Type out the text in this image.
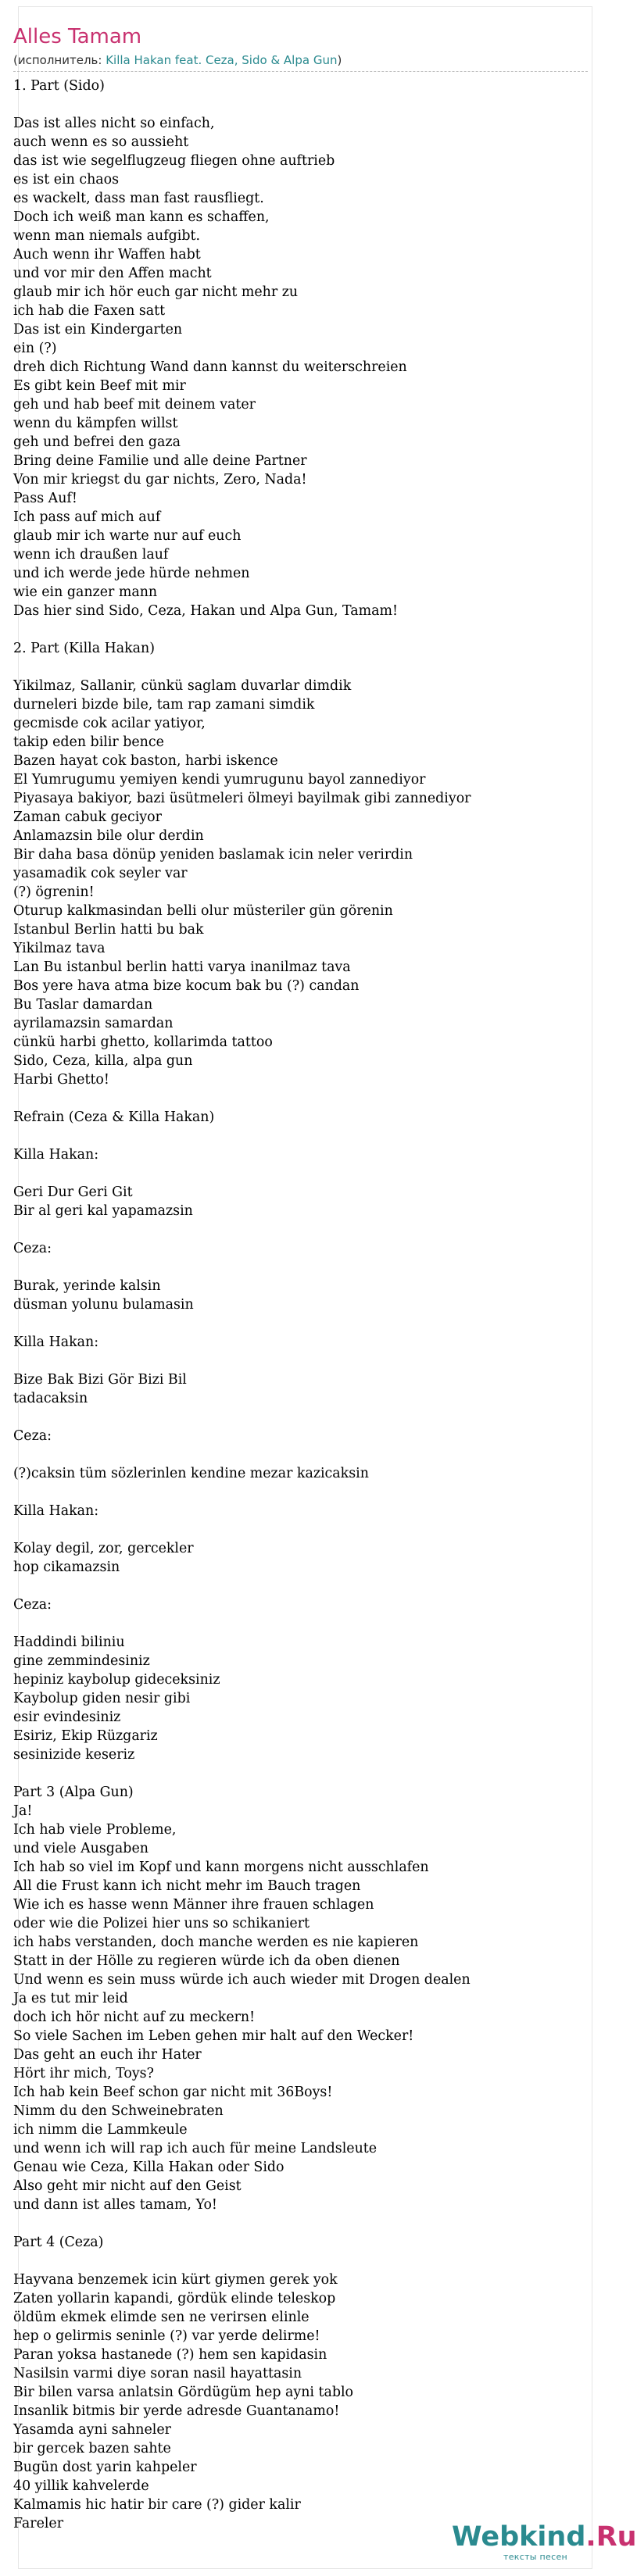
Alles Tamam
(исполнитель: Killa Hakan feat. Ceza, Sido & Alpa Gun)
1. Part (Sido)

Das ist alles nicht so einfach,
auch wenn es so aussieht
das ist wie segelflugzeug fliegen ohne auftrieb
es ist ein chaos
es wackelt, dass man fast rausfliegt.
Doch ich weiß man kann es schaffen,
wenn man niemals aufgibt.
Auch wenn ihr Waffen habt
und vor mir den Affen macht
glaub mir ich hör euch gar nicht mehr zu
ich hab die Faxen satt
Das ist ein Kindergarten
ein (?)
dreh dich Richtung Wand dann kannst du weiterschreien
Es gibt kein Beef mit mir
geh und hab beef mit deinem vater
wenn du kämpfen willst
geh und befrei den gaza
Bring deine Familie und alle deine Partner
Von mir kriegst du gar nichts, Zero, Nada!
Pass Auf!
Ich pass auf mich auf
glaub mir ich warte nur auf euch
wenn ich draußen lauf
und ich werde jede hürde nehmen
wie ein ganzer mann
Das hier sind Sido, Ceza, Hakan und Alpa Gun, Tamam!

2. Part (Killa Hakan)

Yikilmaz, Sallanir, cünkü saglam duvarlar dimdik
durneleri bizde bile, tam rap zamani simdik
gecmisde cok acilar yatiyor,
takip eden bilir bence
Bazen hayat cok baston, harbi iskence
El Yumrugumu yemiyen kendi yumrugunu bayol zannediyor
Piyasaya bakiyor, bazi üsütmeleri ölmeyi bayilmak gibi zannediyor
Zaman cabuk geciyor
Anlamazsin bile olur derdin
Bir daha basa dönüp yeniden baslamak icin neler verirdin
yasamadik cok seyler var
(?) ögrenin!
Oturup kalkmasindan belli olur müsteriler gün görenin
Istanbul Berlin hatti bu bak
Yikilmaz tava
Lan Bu istanbul berlin hatti varya inanilmaz tava
Bos yere hava atma bize kocum bak bu (?) candan
Bu Taslar damardan
ayrilamazsin samardan
cünkü harbi ghetto, kollarimda tattoo
Sido, Ceza, killa, alpa gun
Harbi Ghetto!

Refrain (Ceza & Killa Hakan)

Killa Hakan:

Geri Dur Geri Git
Bir al geri kal yapamazsin

Ceza:

Burak, yerinde kalsin
düsman yolunu bulamasin

Killa Hakan:

Bize Bak Bizi Gör Bizi Bil
tadacaksin

Ceza:

(?)caksin tüm sözlerinlen kendine mezar kazicaksin

Killa Hakan:

Kolay degil, zor, gercekler
hop cikamazsin

Ceza:

Haddindi biliniu
gine zemmindesiniz
hepiniz kaybolup gideceksiniz
Kaybolup giden nesir gibi
esir evindesiniz
Esiriz, Ekip Rüzgariz
sesinizide keseriz

Part 3 (Alpa Gun)
Ja!
Ich hab viele Probleme,
und viele Ausgaben
Ich hab so viel im Kopf und kann morgens nicht ausschlafen
All die Frust kann ich nicht mehr im Bauch tragen
Wie ich es hasse wenn Männer ihre frauen schlagen
oder wie die Polizei hier uns so schikaniert
ich habs verstanden, doch manche werden es nie kapieren
Statt in der Hölle zu regieren würde ich da oben dienen
Und wenn es sein muss würde ich auch wieder mit Drogen dealen
Ja es tut mir leid
doch ich hör nicht auf zu meckern!
So viele Sachen im Leben gehen mir halt auf den Wecker!
Das geht an euch ihr Hater
Hört ihr mich, Toys?
Ich hab kein Beef schon gar nicht mit 36Boys!
Nimm du den Schweinebraten
ich nimm die Lammkeule
und wenn ich will rap ich auch für meine Landsleute
Genau wie Ceza, Killa Hakan oder Sido
Also geht mir nicht auf den Geist
und dann ist alles tamam, Yo!

Part 4 (Ceza)

Hayvana benzemek icin kürt giymen gerek yok
Zaten yollarin kapandi, gördük elinde teleskop
öldüm ekmek elimde sen ne verirsen elinle
hep o gelirmis seninle (?) var yerde delirme!
Paran yoksa hastanede (?) hem sen kapidasin
Nasilsin varmi diye soran nasil hayattasin
Bir bilen varsa anlatsin Gördügüm hep ayni tablo
Insanlik bitmis bir yerde adresde Guantanamo!
Yasamda ayni sahneler
bir gercek bazen sahte
Bugün dost yarin kahpeler
40 yillik kahvelerde
Kalmamis hic hatir bir care (?) gider kalir
Fareler	Webkind.Ru
тексты песен
